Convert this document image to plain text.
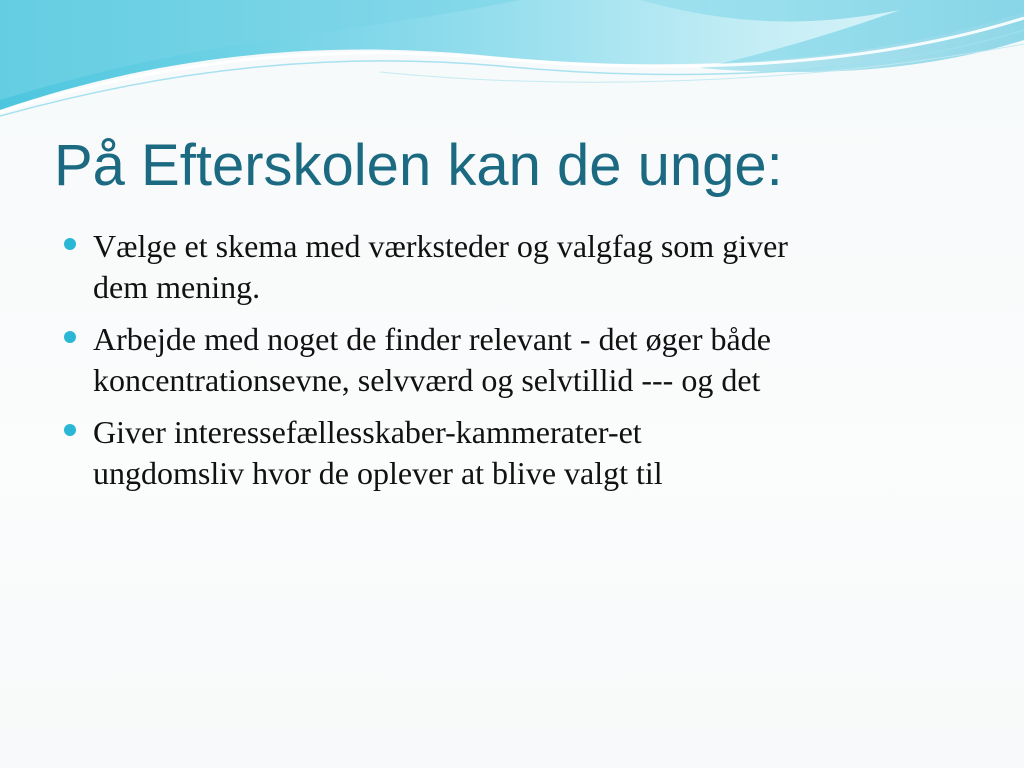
På Efterskolen kan de unge:
Vælge et skema med værksteder og valgfag som giver
dem mening.
Arbejde med noget de finder relevant - det øger både
koncentrationsevne, selvværd og selvtillid --- og det
Giver interessefællesskaber-kammerater-et
ungdomsliv hvor de oplever at blive valgt til
